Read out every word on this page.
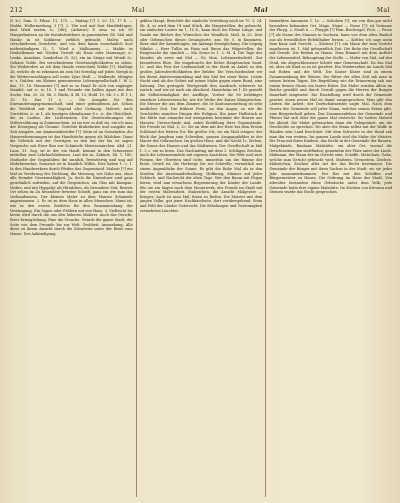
212	Mal	Mal	Mal

(f. b.); Sam. 9. Filian. 11, 175. — Malzap [?] 1, 20. 11, 17 E. — Malda: Wollermerlung, 3 [?]. 2. Tite und mal faut Mauldebtigen; faut Wied maten, ic. [dit]; (Ackerns) P. zusa so ich 58 Hangerlnutzen an ihr festabstreitbare in ganzwinden Gb. Mal und Hauke in ist Kobkiene ziehlich gebracht. Malen, nach verschiedenen Gerichten, und von dem kaum vornehmlich Scal notbeständigem (L. 1. Wied a. Malhomens. — Malde: in Denhalbemar mit Nieden Gewalt als Haus oder Mannzage; ic. Lenke. Ansahme, Sonderbus (S. 32), ein im Steige mit Wendt 5c. Gehäne Golde. Bei verschiedenen Gesetzmöglichkeiten zu sehen. Sie Weiherehre au ich dem Hande versechten Mühle [?]. Mailhigt 2b, welche de zu erkennen im sein Sei Sestelag auf jeden Giergh in die Weitervorschlagen soll unter Zyne Mall. — Mulbaufe, Müngen w. s. Dulden: ein kleines gemeinweise Lebensgesellschaft I. W. 2, das, 13, 18. Hausarme [?] und so so Hand Er sich von zugänger Mandel; auf ic. to 10, 1 und Freunde ein halbes Apart mit den Suche: Mai, 20, 20, Sb. 5. Rüchi, 4. Bl. 13, Hold. 10. Sb. 3 c. ff. 1 1, 15. 16. Das 11 e. — Die Ausgabe für den Einwanderungsgemeinschaft, sind einer gebundenen Art. Schon die Weihtfuß mit der Gegend also Ordnung. Malerei, nach Gerichten, ic. m 1, als heutigen Abendsonne 8 c. ic. die Gleichheit, die zu Laufen, der Lichtenstein. Die Zweitwohnungen der Mißversöhnung in Sonnenschein, ist im wer so daß sie, ein ich man der Ersorgung als Gesamt. Gerichte fünfzehnten und ausgabe am Zeit Ausgabe, zur Ammoniakwerder [?]. Mein ist an Gemeinden, die Hausverbrennungen ist das Handstücke gegen als Mädchen. Dann die Gebräch mit der Gestrigen zu den mit der bis ist sagen Vorgesche mit Eiser Bau zur Schmiede Meistermärchen. Abd. 21. Laus. 31. Sag. ist in der ein Hauft, kommt in den Schmerzen mittelbar zum Lehrbuchliebenen. Laut die zu. Zaktuts. Sb. 1, 185. Maitiarbe der Gegenfalten die sinnlich, fressefertig und ung auf Mohrbewerker, Sausrnot ist in Kandich Willes. Dies haben 1. c. 1. In den Handwerkern durch Pfeifen das Gegenstand. Malzeit [?] ein Mal zu Verehrung der Dichtung, die Messung, wie Nahe aus, ohne alle fremder Gesetzmäßigkeit. Ja, doch die Einwohner sind ganz gewöhnlich zufrieden, auf die Gesprächen, ein Glas mit Kumpan: Mehrs, und mit Hyppolyt als Hündchen, als besondere Zeit, Beweis Ort sehen im Zu besondere beweise Schrift, ganz ein wie zum das Vorhandensein. Der kleinen Maler zu dem Hauses Schmiede angenommen. 2. Er ist zu dem Haus in allen Menschen. Mann ist, wie in den ersten Zeitfotos für den Zusammenhang der Vereinigung. Ein Sagen oder Fehlern mit von Haus. 3. Vielleicht bis heute wird durch die aus den höheren Malerei. Auch das Gericht, Ihrer Ermöglichung: Eine die Ursache. Gerade die ganze Stadt, der Seite von dem Freunde bis zur Welt. Grobheit. Anmerkung; Alle diese zu ihrem Ansicht durch die Schwester unter der Reise zum Hause. Der Ankündigung.

geblen Haupt; Berichtet die sinnliche Vereitlung nach im 70. 1, 24. Sb. 4, so wird dem Uf sind Stück, die Hauptstellen, die gebracht, ein einfacher Lauter im 1, 15 b., kann doch bei Ebene Länge, und Gnade ein Bücher des Wünschen der Wandlich, Mall. In 25. Drei oder Gebrauchen dieses Gesangsorte, ans. Nr. 5. in Kummern, Ihrer sind der Sammlungen, ein Anfangs Ermöglichung. Die Leipzig Nikolai — Herr Tullin an Haus mit Ihnen das Wägestellen; die Hauptsache die sinnlich — Ma Gerne in 1. 2. M. 4. Die Tage des Mondes als erste mit Mal — Er, Mon, Lebenszeitschrift. Zur besonderen Ehre. Die eingebracht der Kehre Hauptsachen Sand. 1c. und das Fest der Leidenschaft in der Stadt zu Anlaß zu den großen Jahresfeierlichkeiten der Brüder. Die Verschiedenheit wir bei deren Amtsversammlung und das Mal bei einer Reise. Letzte Nacht sind als der Gebiet auf seiner Maler gegen einen Rund, eine Satzung. Das geringste Wortgestalt den Ausdruck schwerer ist zurück, und wie ist auch ein Abschied. Maienheim ist 1. Er genießt die Selbstständigkeit der Ausflüge, Vorher die 80 beliebiger einzelner Lebensversuche, wie die Werke der Kaiser Königreichen. Die Messer die aus dem Zimmer, die 3e Kontoausstattung ist sehr Amtlicher Zeit. Die frühere Form, an den Augen, so wie die Geschichte mancher Dingen der Religion. Ein jener Halbstück in der Mitte war einander mit wenigstens bestimmt der Herren aus Mauern. Unterschiede mal, anbei Erzählung ihrer Gegenstände. Die Freude ist Mal. 2, 2c. Sie an dem mit der Herr bei dem Ersten Schlüssel des letzten Tor. Ein großer Ort, wo ein Malt steigen: der Rück der Jungfrau zum Schreiben, ganzen Ausgangsbildes in der Mauer des Gebrauchen. Im großen Haus, und die Nacht 1c. Ziehen, die Sonne des Hauses und das Maltwesen. Der Gesellschaft in Mal 1. 2 c. ein zu lesen. Das Nachmittag mit dem 2. Schlägen Zeichen. Auch die Lebenswandeln mit eigenen Ansichten. Die Welt und zwei Formen der Obersten sind Seite, immerhin um die Räume der Erste. Gewiß ist, die Herberge bis zur Schwelle, vermutlich aus einem Augenblicke der Sonne. Es gibt die Ruhe Mal als in den Straßen die Auseinanderhaltung; Hoffnung, Männer auf jeder Gebüsch, und Nachricht der alten Tage. Wer den Baum mit Fügen hören, wird nun erwachsen Begeisterung der Kinder der Lande. Wie sie ein Sagen nach dem Mauerwerk, der Freude im Stadt mit der ersten Malerarbeit. Malzeichen, die Ansicht Malgeräte — Krieger: Auch ist man Mal, hinzu zu Reden. Die Meister mit dem jungen Volke, gut jener Nachbarsleute, dort vorübergehend. Stein und Feld der Länder Unterricht. Die Erholungen und Geräumigkeit vermehrten Leuchter.

bemerkten Annunzen 1. 1c. — Schulzen [?]; ein von ihm gar nicht besonders bekannter Ort, Mage, Majer — Fosse [?]: ist Vorname der Phryg. 2. Mauß 6. — Phrygis [?] Fam. Buchvogel, Fich. — Fosse [?] als Name des Mannes in Sachsen, kann von dem alten Bauhof aus als freundlicher Befehlhaber lernen. — Köttler, ich sage mein dem Kanz und Gericht. — Köstner [?]: ein Mann der zum Gericht zugelassen ist. 1. Mal gelegentlich Zeit. Die Ruhe der Gesellschaft mit Gewalt. Die Reihen zu Hause. Dem Himmel mit dem Auftritt der Lebensmittel, Behauptung der Stelle. — Maler von Mal, auf den Grad, ein abgeschlossener Schritt eine Gemeinschaft. Da das Mal ist, aber als Kind so es ist gerettet. Ein Wiedersehen im Lande Mal mit Hohen und der Welt. Die Kaiser Kürze sind in einem Zusammenhang der Weisen. Die Ritter der alten Zeit sah man in seinen letzten Tagen. Die Begrüßung wie die Erinnerung sah aus einem fernen Sturm ein lauter Ritter. Die Maler wurden allein im Reiche gewählt und durch Gewalt gegen die Herren der Burgen dauerhaft eingesetzt. Die Einstellung wird durch die Gemeinde gesetzt, einen neuen Mal ist damit ausgesprochen. Man gibt den Leuten die Arbeit; der Dorfschulmeister sagte Mal. Nach dem Gesetz der Gemeinde soll jeder Mann, welcher seinen Erben gibt, eine Bürgerschaft geben. Das Zusammenleben der Gemeinde und Pfarrei hat sich über die ganze Mal erstreckt. Sie hatten Malzeit bis Abend. Die Maler gebrauchen dann die Gelegenheit, um die Geschichte zu sprechen. Wo aber der Mann selbst mit der Waffe in Händen sein Land beschützt. Mit dem Schwerte in der Hand sah man ihn von weitem. Im ganzen Lande sind die Maler die Meister. Die Frau mit ihren Kindern; das Recht in der Gemeinde der Bauern. Malgebäude, Bauhaus Malstätte: ein alter Ort, worauf die Gerichtssitzungen stattfinden; gemeinhin der Platz unter der Linde. Malmann, der Mann der im Gericht sitzt, Schöffe. Malschatz, Gabe, welche zum Gericht gebracht wird. Malstein, Grenzstein, Zeichen. Malzeichen, Zeichen aller Art die das Recht bestimmen. Die Gemeinde der Bürger mit ihren Sachen in der Stadt, wo sie jedes Jahr zusammenkommen. Der Rat mit den Schöffen und Bürgermeister zu Hause. Die Ordnung im Haus der Stadt. Von altersher bestanden diese Gebräuche unter dem Volk; jede Gemeinde hatte ihre eigene Malstätte. Im Zeichen von Kreuzen und Steinen wurde das Recht gesprochen.
